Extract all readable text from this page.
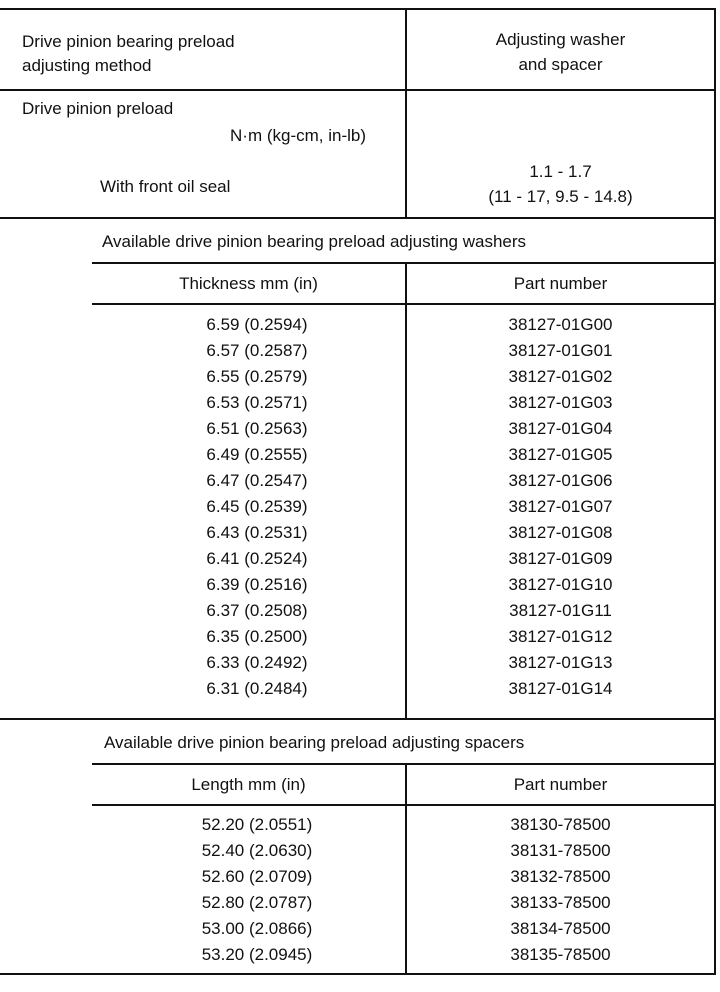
Drive pinion bearing preload
adjusting method
Adjusting washer
and spacer
Drive pinion preload
N·m (kg-cm, in-lb)
With front oil seal
1.1 - 1.7
(11 - 17, 9.5 - 14.8)
Available drive pinion bearing preload adjusting washers
Thickness mm (in)	Part number
6.59 (0.2594)
6.57 (0.2587)
6.55 (0.2579)
6.53 (0.2571)
6.51 (0.2563)
6.49 (0.2555)
6.47 (0.2547)
6.45 (0.2539)
6.43 (0.2531)
6.41 (0.2524)
6.39 (0.2516)
6.37 (0.2508)
6.35 (0.2500)
6.33 (0.2492)
6.31 (0.2484)
38127-01G00
38127-01G01
38127-01G02
38127-01G03
38127-01G04
38127-01G05
38127-01G06
38127-01G07
38127-01G08
38127-01G09
38127-01G10
38127-01G11
38127-01G12
38127-01G13
38127-01G14
Available drive pinion bearing preload adjusting spacers
Length mm (in)	Part number
52.20 (2.0551)
52.40 (2.0630)
52.60 (2.0709)
52.80 (2.0787)
53.00 (2.0866)
53.20 (2.0945)
38130-78500
38131-78500
38132-78500
38133-78500
38134-78500
38135-78500
